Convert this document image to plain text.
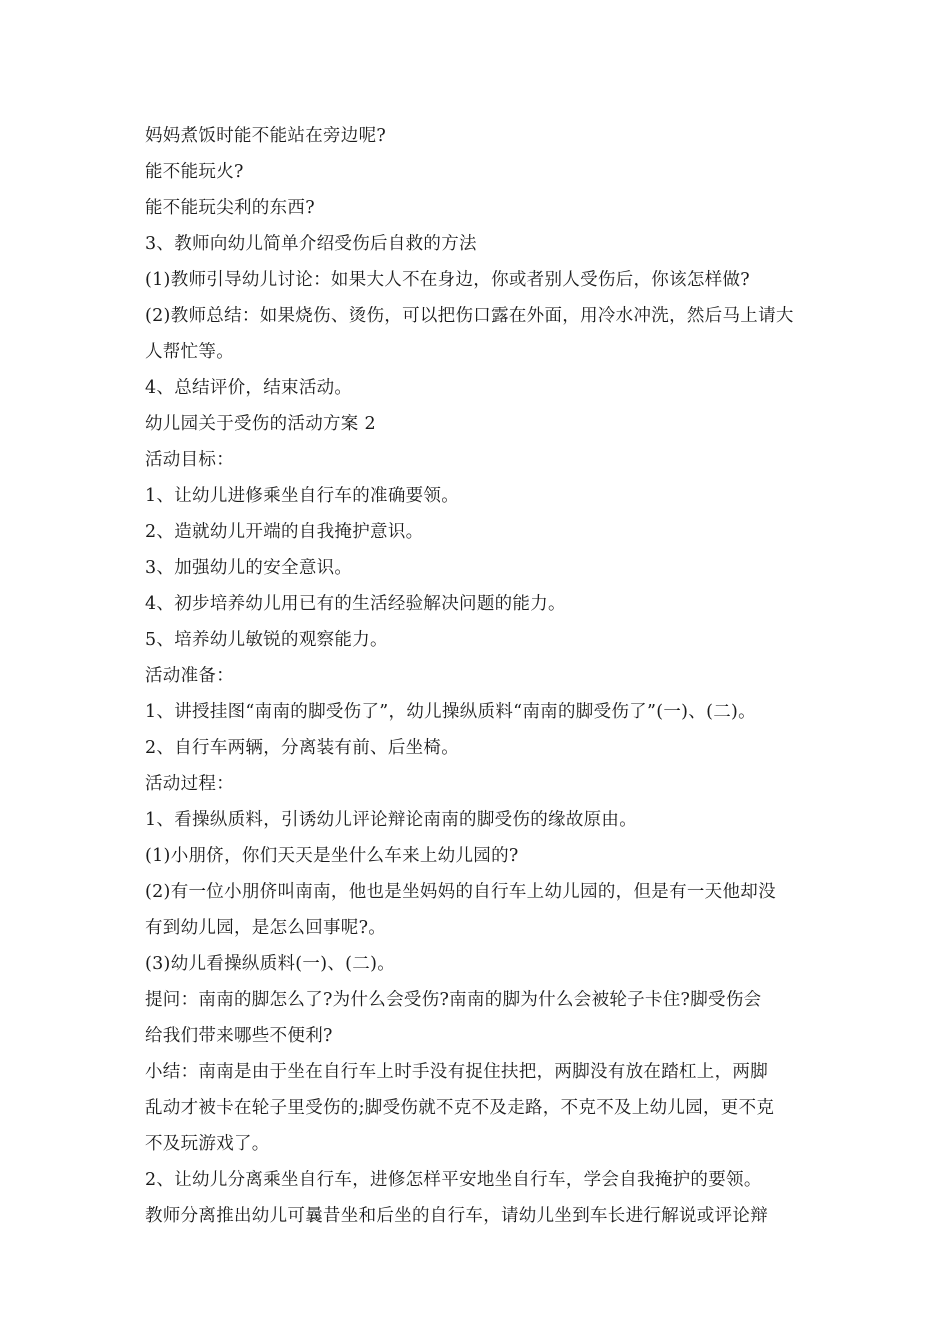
妈妈煮饭时能不能站在旁边呢?
能不能玩火?
能不能玩尖利的东西?
3、教师向幼儿简单介绍受伤后自救的方法
(1)教师引导幼儿讨论：如果大人不在身边，你或者别人受伤后，你该怎样做?
(2)教师总结：如果烧伤、烫伤，可以把伤口露在外面，用冷水冲洗，然后马上请大
人帮忙等。
4、总结评价，结束活动。
幼儿园关于受伤的活动方案 2
活动目标：
1、让幼儿进修乘坐自行车的准确要领。
2、造就幼儿开端的自我掩护意识。
3、加强幼儿的安全意识。
4、初步培养幼儿用已有的生活经验解决问题的能力。
5、培养幼儿敏锐的观察能力。
活动准备：
1、讲授挂图“南南的脚受伤了”，幼儿操纵质料“南南的脚受伤了”(一)、(二)。
2、自行车两辆，分离装有前、后坐椅。
活动过程：
1、看操纵质料，引诱幼儿评论辩论南南的脚受伤的缘故原由。
(1)小朋侪，你们天天是坐什么车来上幼儿园的?
(2)有一位小朋侪叫南南，他也是坐妈妈的自行车上幼儿园的，但是有一天他却没
有到幼儿园，是怎么回事呢?。
(3)幼儿看操纵质料(一)、(二)。
提问：南南的脚怎么了?为什么会受伤?南南的脚为什么会被轮子卡住?脚受伤会
给我们带来哪些不便利?
小结：南南是由于坐在自行车上时手没有捉住扶把，两脚没有放在踏杠上，两脚
乱动才被卡在轮子里受伤的;脚受伤就不克不及走路，不克不及上幼儿园，更不克
不及玩游戏了。
2、让幼儿分离乘坐自行车，进修怎样平安地坐自行车，学会自我掩护的要领。
教师分离推出幼儿可曩昔坐和后坐的自行车，请幼儿坐到车长进行解说或评论辩
